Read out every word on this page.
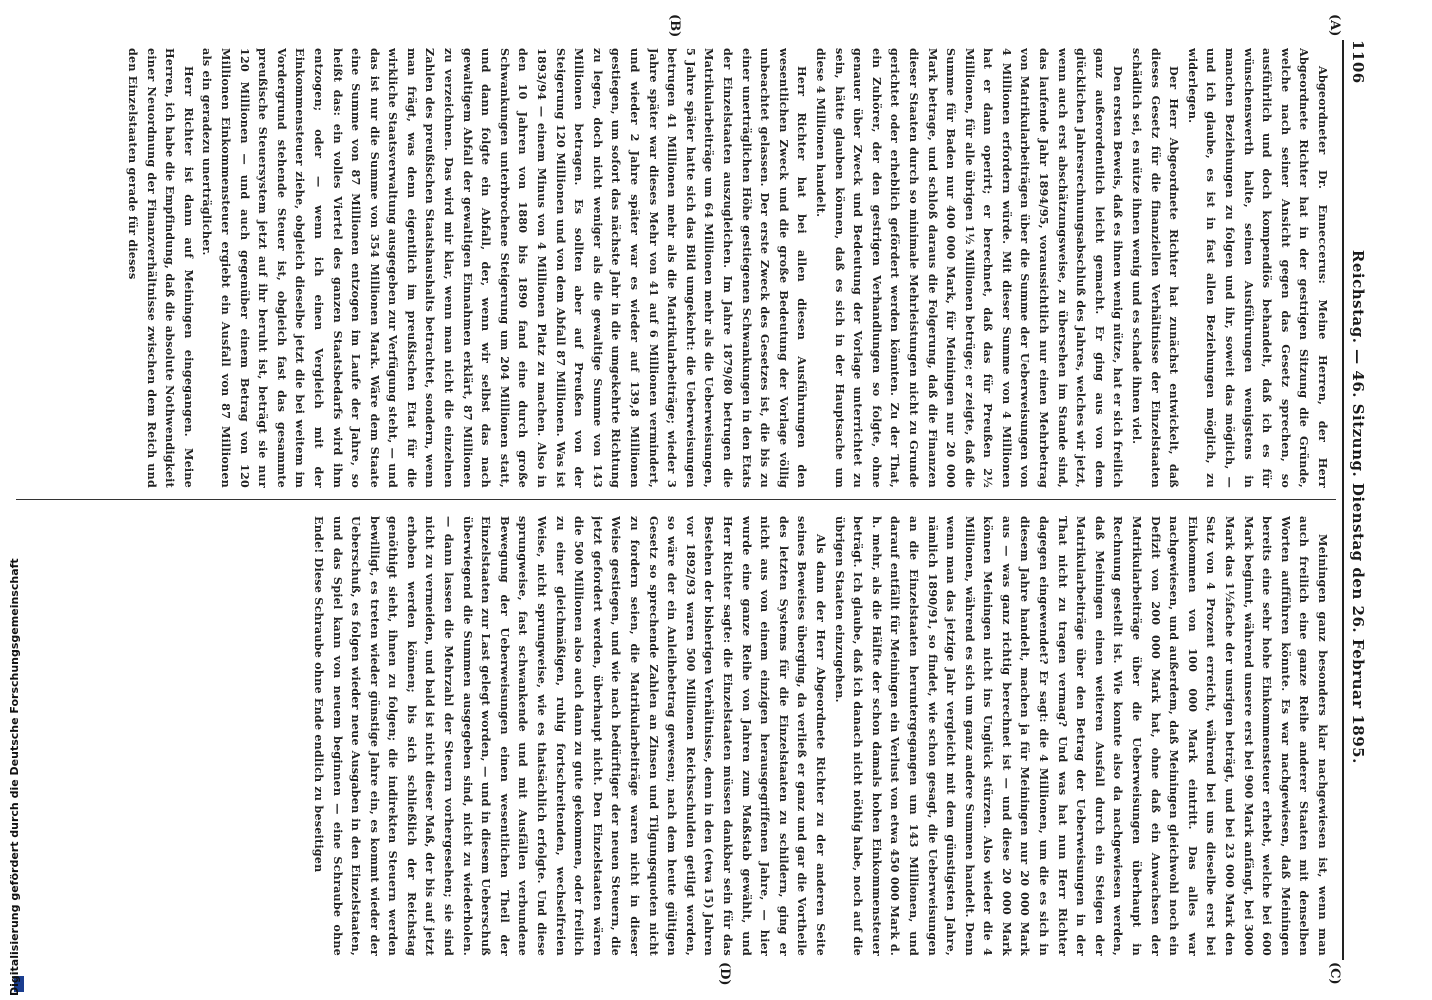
1106
Reichstag. — 46. Sitzung. Dienstag den 26. Februar 1895.
(A)
(B)
(C)
(D)

Abgeordneter Dr. Enneccerus: Meine Herren, der Herr Abgeordnete Richter hat in der gestrigen Sitzung die Gründe, welche nach seiner Ansicht gegen das Gesetz sprechen, so ausführlich und doch kompendiös behandelt, daß ich es für wünschenswerth halte, seinen Ausführungen wenigstens in manchen Beziehungen zu folgen und ihr, soweit das möglich, — und ich glaube, es ist in fast allen Beziehungen möglich, zu widerlegen.

Der Herr Abgeordnete Richter hat zunächst entwickelt, daß dieses Gesetz für die finanziellen Verhältnisse der Einzelstaaten schädlich sei, es nütze ihnen wenig und es schade ihnen viel.

Den ersten Beweis, daß es ihnen wenig nütze, hat er sich freilich ganz außerordentlich leicht gemacht. Er ging aus von dem glücklichen Jahresrechnungsabschluß des Jahres, welches wir jetzt, wenn auch erst abschätzungsweise, zu übersehen im Stande sind, das laufende Jahr 1894/95, voraussichtlich nur einen Mehrbetrag von Matrikularbeiträgen über die Summe der Ueberweisungen von 4 Millionen erfordern würde. Mit dieser Summe von 4 Millionen hat er dann operirt; er berechnet, daß das für Preußen 2½ Millionen, für alle übrigen 1½ Millionen betrüge; er zeigte, daß die Summe für Baden nur 400 000 Mark, für Meiningen nur 20 000 Mark betrage, und schloß daraus die Folgerung, daß die Finanzen dieser Staaten durch so minimale Mehrleistungen nicht zu Grunde gerichtet oder erheblich gefördert werden könnten. Zu der That, ein Zuhörer, der den gestrigen Verhandlungen so folgte, ohne genauer über Zweck und Bedeutung der Vorlage unterrichtet zu sein, hätte glauben können, daß es sich in der Hauptsache um diese 4 Millionen handelt.

Herr Richter hat bei allen diesen Ausführungen den wesentlichen Zweck und die große Bedeutung der Vorlage völlig unbeachtet gelassen. Der erste Zweck des Gesetzes ist, die bis zu einer unerträglichen Höhe gestiegenen Schwankungen in den Etats der Einzelstaaten auszugleichen. Im Jahre 1879/80 betrugen die Matrikularbeiträge um 64 Millionen mehr als die Ueberweisungen, 5 Jahre später hatte sich das Bild umgekehrt: die Ueberweisungen betrugen 41 Millionen mehr als die Matrikularbeiträge; wieder 3 Jahre später war dieses Mehr von 41 auf 6 Millionen vermindert, und wieder 2 Jahre später war es wieder auf 139,8 Millionen gestiegen, um sofort das nächste Jahr in die umgekehrte Richtung zu legen, doch nicht weniger als die gewaltige Summe von 143 Millionen betragen. Es sollten aber auf Preußen von der Steigerung 120 Millionen und von dem Abfall 87 Millionen. Was ist 1893/94 — einem Minus von 4 Millionen Platz zu machen. Also in den 10 Jahren von 1880 bis 1890 fand eine durch große Schwankungen unterbrochene Steigerung um 204 Millionen statt, und dann folgte ein Abfall, der, wenn wir selbst das nach gewaltigem Abfall der gewaltigen Einnahmen erklärt, 87 Millionen zu verzeichnen. Das wird mir klar, wenn man nicht die einzelnen Zahlen des preußischen Staatshaushalts betrachtet, sondern, wenn man frägt, was denn eigentlich im preußischen Etat für die wirkliche Staatsverwaltung ausgegeben zur Verfügung steht, — und das ist nur die Summe von 354 Millionen Mark. Wäre dem Staate eine Summe von 87 Millionen entzogen im Laufe der Jahre, so heißt das: ein volles Viertel des ganzen Staatsbedarfs wird ihm entzogen; oder — wenn ich einen Vergleich mit der Einkommensteuer ziehe, obgleich dieselbe jetzt die bei weitem im Vordergrund stehende Steuer ist, obgleich fast das gesammte preußische Steuersystem jetzt auf ihr beruht ist, beträgt sie nur 120 Millionen — und auch gegenüber einem Betrag von 120 Millionen Einkommensteuer ergiebt ein Ausfall von 87 Millionen als ein geradezu unerträglicher.

Herr Richter ist dann auf Meiningen eingegangen. Meine Herren, ich habe die Empfindung, daß die absolute Nothwendigkeit einer Neuordnung der Finanzverhältnisse zwischen dem Reich und den Einzelstaaten gerade für dieses

Meiningen ganz besonders klar nachgewiesen ist, wenn man auch freilich eine ganze Reihe anderer Staaten mit denselben Worten aufführen könnte. Es war nachgewiesen, daß Meiningen bereits eine sehr hohe Einkommensteuer erhebt, welche bei 600 Mark beginnt, während unsere erst bei 900 Mark anfängt, bei 3000 Mark das 1½fache der unsrigen beträgt, und bei 23 000 Mark den Satz von 4 Prozent erreicht, während bei uns dieselbe erst bei Einkommen von 100 000 Mark eintritt. Das alles war nachgewiesen, und außerdem, daß Meiningen gleichwohl noch ein Defizit von 200 000 Mark hat, ohne daß ein Anwachsen der Matrikularbeiträge über die Ueberweisungen überhaupt in Rechnung gestellt ist. Wie konnte also da nachgewiesen werden, daß Meiningen einen weiteren Ausfall durch ein Steigen der Matrikularbeiträge über den Betrag der Ueberweisungen in der That nicht zu tragen vermag? Und was hat nun Herr Richter dagegen eingewendet? Er sagt: die 4 Millionen, um die es sich in diesem Jahre handelt, machen ja für Meiningen nur 20 000 Mark aus — was ganz richtig berechnet ist — und diese 20 000 Mark können Meiningen nicht ins Unglück stürzen. Also wieder die 4 Millionen, während es sich um ganz andere Summen handelt. Denn wenn man das jetzige Jahr vergleicht mit dem günstigsten Jahre, nämlich 1890/91, so findet, wie schon gesagt, die Ueberweisungen an die Einzelstaaten heruntergegangen um 143 Millionen, und darauf entfällt für Meiningen ein Verlust von etwa 450 000 Mark d. h. mehr, als die Hälfte der schon damals hohen Einkommensteuer beträgt. Ich glaube, daß ich danach nicht nöthig habe, noch auf die übrigen Staaten einzugehen.

Als dann der Herr Abgeordnete Richter zu der anderen Seite seines Beweises überging, da verließ er ganz und gar die Vortheile des letzten Systems für die Einzelstaaten zu schildern, ging er nicht aus von einem einzigen herausgegriffenen Jahre, — hier wurde eine ganze Reihe von Jahren zum Maßstab gewählt, und Herr Richter sagte: die Einzelstaaten müssen dankbar sein für das Bestehen der bisherigen Verhältnisse, denn in den (etwa 15) Jahren vor 1892/93 waren 500 Millionen Reichsschulden getilgt worden, so wäre der ein Anleihebetrag gewesen; nach dem heute gültigen Gesetz so sprechende Zahlen an Zinsen und Tilgungsquoten nicht zu fordern seien, die Matrikularbeiträge waren nicht in dieser Weise gestiegen, und wie nach bedürftiger der neuen Steuern, die jetzt gefordert werden, überhaupt nicht. Den Einzelstaaten wären die 500 Millionen also auch dann zu gute gekommen, oder freilich zu einer gleichmäßigen, ruhig fortschreitenden, wechselfreien Weise, nicht sprungweise, wie es thatsächlich erfolgte. Und diese sprungweise, fast schwankende und mit Ausfällen verbundene Bewegung der Ueberweisungen einen wesentlichen Theil der Einzelstaaten zur Last gelegt worden, — und in diesem Ueberschuß überwiegend die Summen ausgegeben sind, nicht zu wiederholen. — dann lassen die Mehrzahl der Steuern vorhergesehen; sie sind nicht zu vermeiden, und bald ist nicht dieser Maß, der bis auf jetzt erhoben werden können; bis sich schließlich der Reichstag genöthigt sieht, ihnen zu folgen; die indirekten Steuern werden bewilligt, es treten wieder günstige Jahre ein, es kommt wieder der Ueberschuß, es folgen wieder neue Ausgaben in den Einzelstaaten, und das Spiel kann von neuem beginnen — eine Schraube ohne Ende! Diese Schraube ohne Ende endlich zu beseitigen

Digitalisierung gefördert durch die Deutsche Forschungsgemeinschaft
